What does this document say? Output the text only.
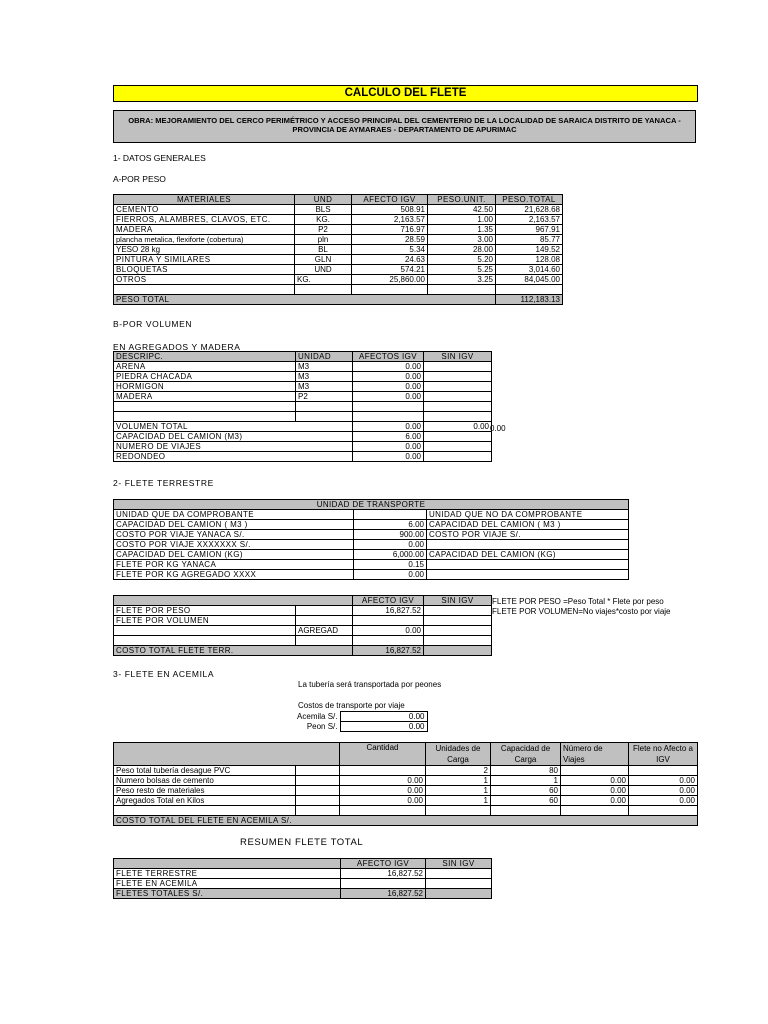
CALCULO DEL FLETE
OBRA: MEJORAMIENTO DEL CERCO PERIMÉTRICO Y ACCESO PRINCIPAL DEL CEMENTERIO DE LA LOCALIDAD DE SARAICA DISTRITO DE YANACA - PROVINCIA DE AYMARAES - DEPARTAMENTO DE APURIMAC
1- DATOS GENERALES
A-POR PESO
MATERIALES	UND	AFECTO IGV	PESO.UNIT.	PESO.TOTAL
CEMENTO	BLS	508.91	42.50	21,628.68
FIERROS, ALAMBRES, CLAVOS, ETC.	KG.	2,163.57	1.00	2,163.57
MADERA	P2	716.97	1.35	967.91
plancha metalica, flexiforte (cobertura)	pln	28.59	3.00	85.77
YESO 28 kg	BL	5.34	28.00	149.52
PINTURA Y SIMILARES	GLN	24.63	5.20	128.08
BLOQUETAS	UND	574.21	5.25	3,014.60
OTROS	KG.	25,860.00	3.25	84,045.00

PESO TOTAL				112,183.13
B-POR VOLUMEN
EN AGREGADOS Y MADERA
DESCRIPC.	UNIDAD	AFECTOS IGV	SIN IGV
ARENA	M3	0.00	
PIEDRA CHACADA	M3	0.00	
HORMIGON	M3	0.00	
MADERA	P2	0.00	

VOLUMEN TOTAL		0.00	0.00
CAPACIDAD DEL CAMION (M3)		6.00	
NUMERO DE VIAJES		0.00	
REDONDEO		0.00	
0.00
2- FLETE TERRESTRE
UNIDAD DE TRANSPORTE		
UNIDAD QUE DA COMPROBANTE		UNIDAD QUE NO DA COMPROBANTE
CAPACIDAD DEL CAMION ( M3 )	6.00	CAPACIDAD DEL CAMION ( M3 )
COSTO POR VIAJE YANACA S/.	900.00	COSTO POR VIAJE S/.
COSTO POR VIAJE XXXXXXX S/.	0.00	
CAPACIDAD DEL CAMION (KG)	6,000.00	CAPACIDAD DEL CAMION (KG)
FLETE POR KG YANACA	0.15	
FLETE POR KG AGREGADO XXXX	0.00	
		AFECTO IGV	SIN IGV
FLETE POR PESO		16,827.52	
FLETE POR VOLUMEN			
	AGREGAD	0.00	

COSTO TOTAL FLETE TERR.		16,827.52	
FLETE POR PESO =Peso Total * Flete por peso
FLETE POR VOLUMEN=No viajes*costo por viaje
3- FLETE EN ACEMILA
La tubería será transportada por peones
Costos de transporte por viaje
Acemila S/.	0.00
Peon S/.	0.00
		Cantidad	Unidades de Carga	Capacidad de Carga	Número de Viajes	Flete no Afecto a IGV
Peso total tubería desague PVC			2	80		
Numero bolsas de cemento		0.00	1	1	0.00	0.00
Peso resto de materiales		0.00	1	60	0.00	0.00
Agregados Total en Kilos		0.00	1	60	0.00	0.00

COSTO TOTAL DEL FLETE EN ACEMILA S/.						
RESUMEN FLETE TOTAL
	AFECTO IGV	SIN IGV
FLETE TERRESTRE	16,827.52	
FLETE EN ACEMILA		
FLETES TOTALES S/.	16,827.52	
